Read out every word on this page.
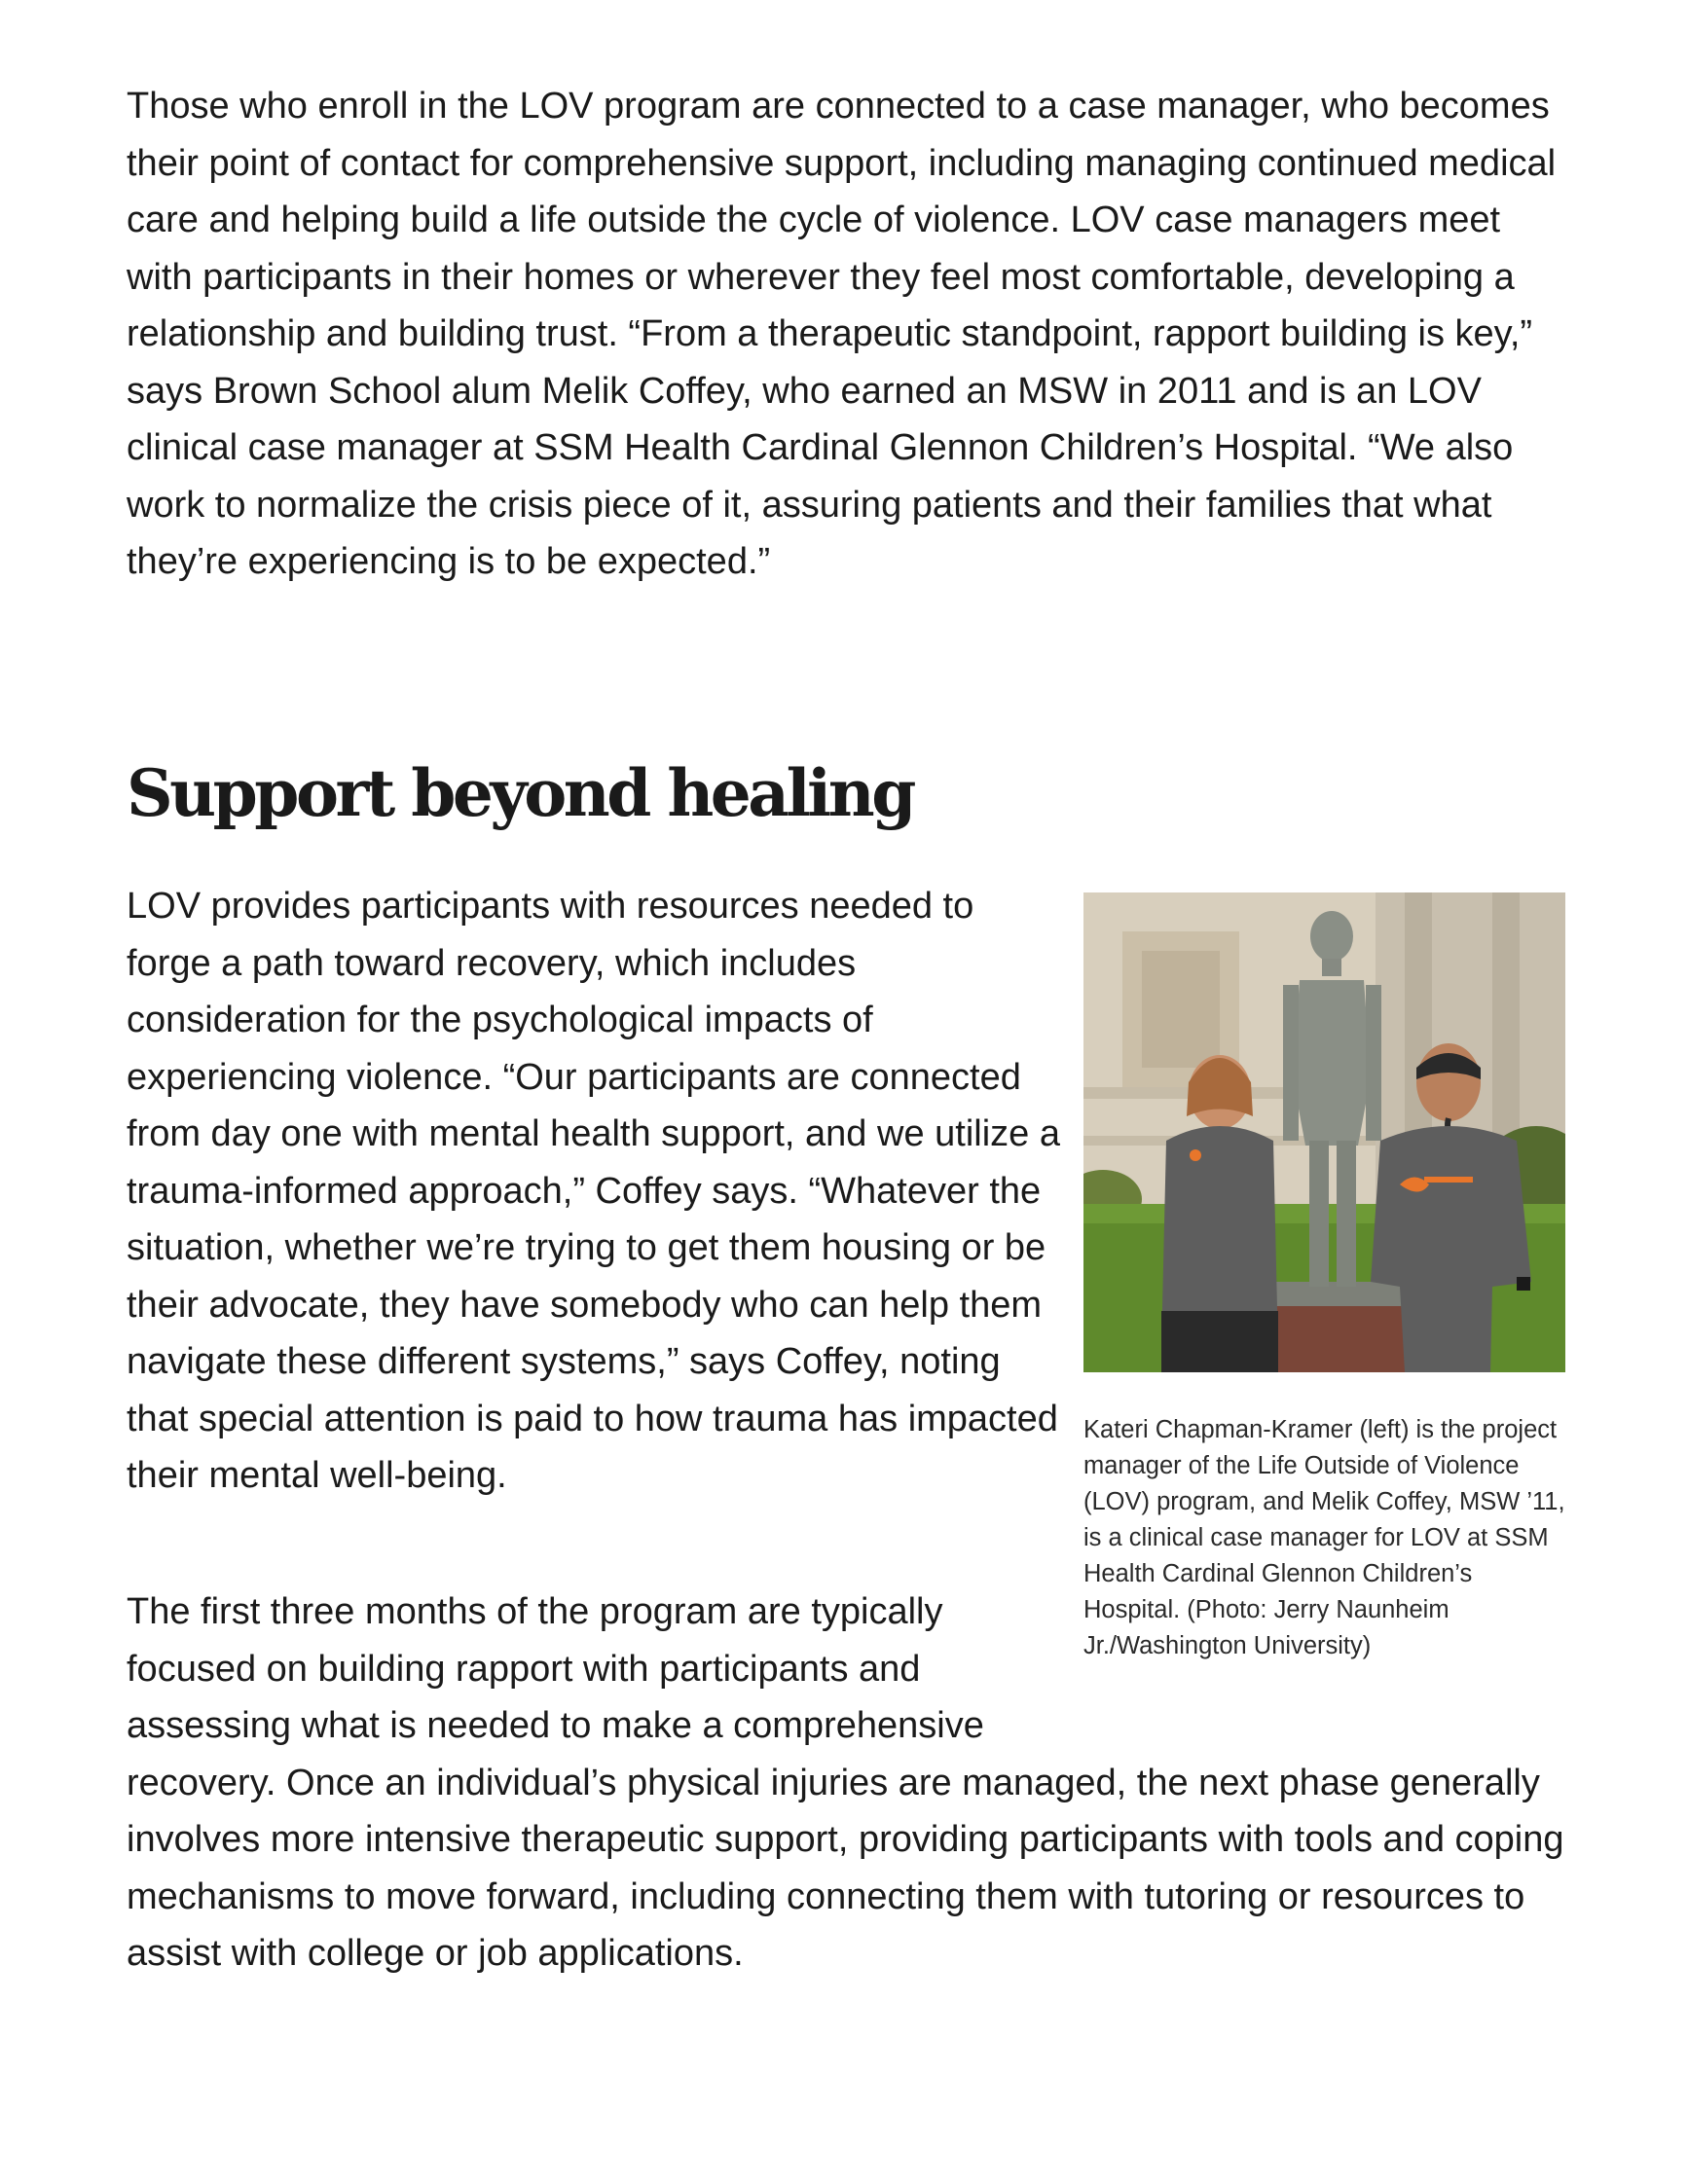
Those who enroll in the LOV program are connected to a case manager, who becomes their point of contact for comprehensive support, including managing continued medical care and helping build a life outside the cycle of violence. LOV case managers meet with participants in their homes or wherever they feel most comfortable, developing a relationship and building trust. “From a therapeutic standpoint, rapport building is key,” says Brown School alum Melik Coffey, who earned an MSW in 2011 and is an LOV clinical case manager at SSM Health Cardinal Glennon Children’s Hospital. “We also work to normalize the crisis piece of it, assuring patients and their families that what they’re experiencing is to be expected.”

Support beyond healing

LOV provides participants with resources needed to forge a path toward recovery, which includes consideration for the psychological impacts of experiencing violence. “Our participants are connected from day one with mental health support, and we utilize a trauma-informed approach,” Coffey says. “Whatever the situation, whether we’re trying to get them housing or be their advocate, they have somebody who can help them navigate these different systems,” says Coffey, noting that special attention is paid to how trauma has impacted their mental well-being.

The first three months of the program are typically focused on building rapport with participants and assessing what is needed to make a comprehensive
recovery. Once an individual’s physical injuries are managed, the next phase generally involves more intensive therapeutic support, providing participants with tools and coping mechanisms to move forward, including connecting them with tutoring or resources to assist with college or job applications.

Kateri Chapman-Kramer (left) is the project manager of the Life Outside of Violence (LOV) program, and Melik Coffey, MSW ’11, is a clinical case manager for LOV at SSM Health Cardinal Glennon Children’s Hospital. (Photo: Jerry Naunheim Jr./Washington University)
